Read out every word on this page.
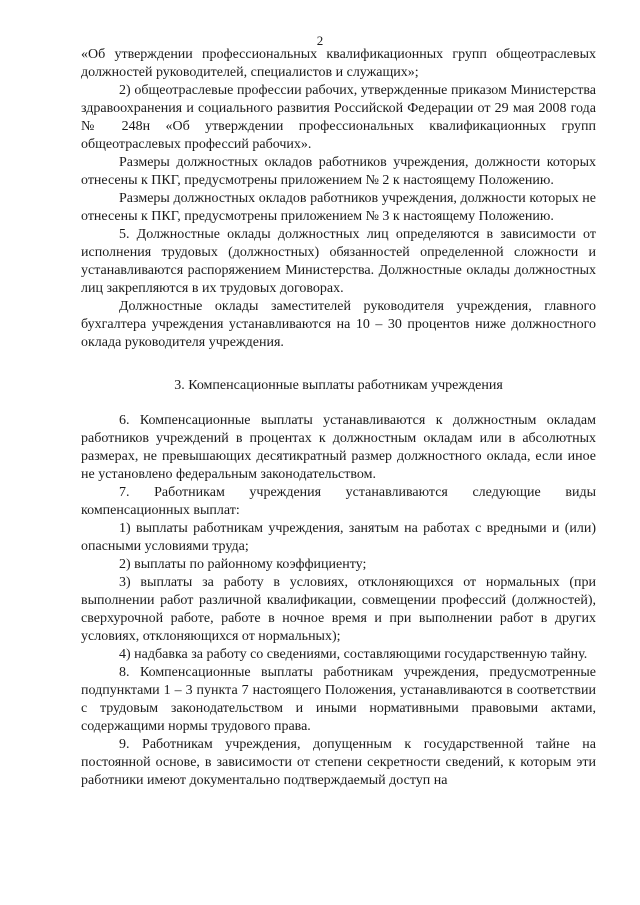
2

«Об утверждении профессиональных квалификационных групп общеотраслевых должностей руководителей, специалистов и служащих»;

2) общеотраслевые профессии рабочих, утвержденные приказом Министерства здравоохранения и социального развития Российской Федерации от 29 мая 2008 года № 248н «Об утверждении профессиональных квалификационных групп общеотраслевых профессий рабочих».

Размеры должностных окладов работников учреждения, должности которых отнесены к ПКГ, предусмотрены приложением № 2 к настоящему Положению.

Размеры должностных окладов работников учреждения, должности которых не отнесены к ПКГ, предусмотрены приложением № 3 к настоящему Положению.

5. Должностные оклады должностных лиц определяются в зависимости от исполнения трудовых (должностных) обязанностей определенной сложности и устанавливаются распоряжением Министерства. Должностные оклады должностных лиц закрепляются в их трудовых договорах.

Должностные оклады заместителей руководителя учреждения, главного бухгалтера учреждения устанавливаются на 10 – 30 процентов ниже должностного оклада руководителя учреждения.

3. Компенсационные выплаты работникам учреждения

6. Компенсационные выплаты устанавливаются к должностным окладам работников учреждений в процентах к должностным окладам или в абсолютных размерах, не превышающих десятикратный размер должностного оклада, если иное не установлено федеральным законодательством.

7. Работникам учреждения устанавливаются следующие виды компенсационных выплат:

1) выплаты работникам учреждения, занятым на работах с вредными и (или) опасными условиями труда;

2) выплаты по районному коэффициенту;

3) выплаты за работу в условиях, отклоняющихся от нормальных (при выполнении работ различной квалификации, совмещении профессий (должностей), сверхурочной работе, работе в ночное время и при выполнении работ в других условиях, отклоняющихся от нормальных);

4) надбавка за работу со сведениями, составляющими государственную тайну.

8. Компенсационные выплаты работникам учреждения, предусмотренные подпунктами 1 – 3 пункта 7 настоящего Положения, устанавливаются в соответствии с трудовым законодательством и иными нормативными правовыми актами, содержащими нормы трудового права.

9. Работникам учреждения, допущенным к государственной тайне на постоянной основе, в зависимости от степени секретности сведений, к которым эти работники имеют документально подтверждаемый доступ на
